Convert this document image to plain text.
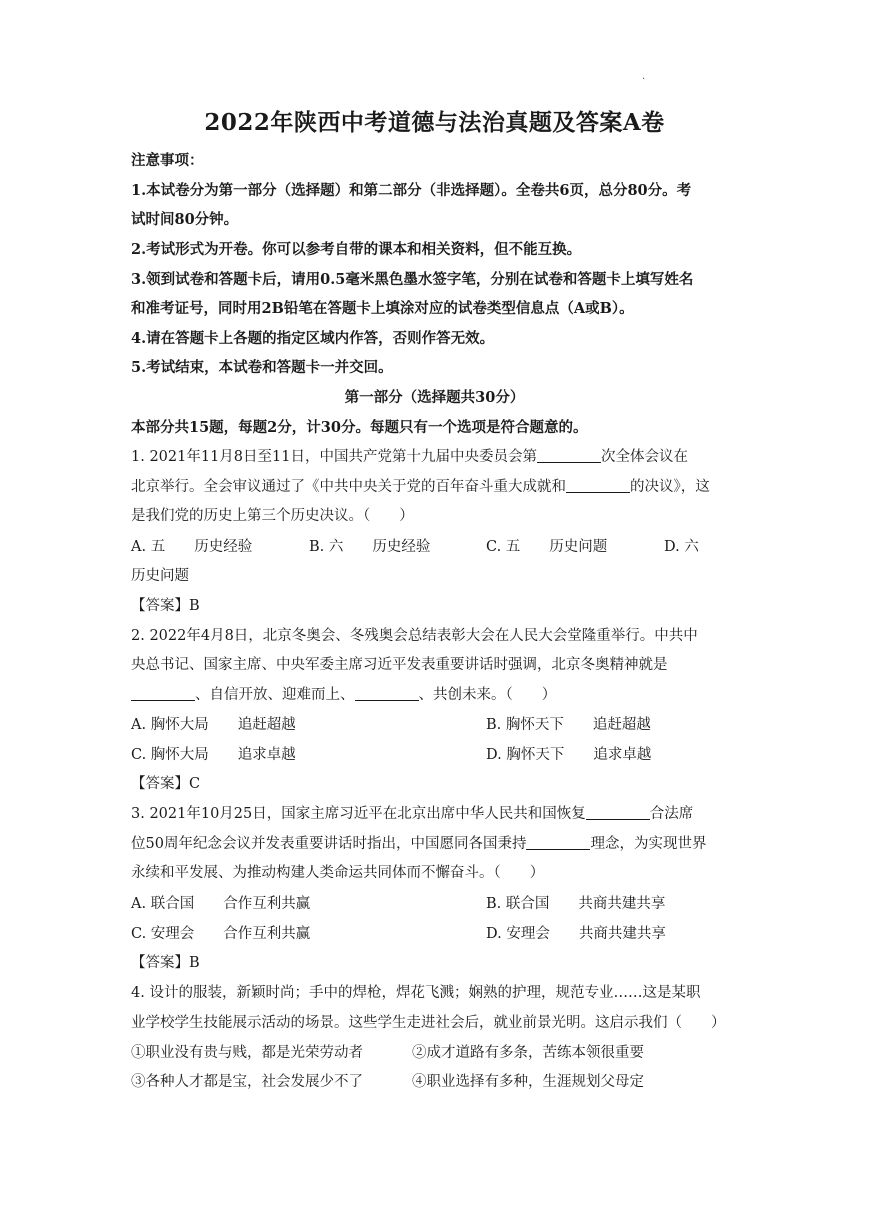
·
2022年陕西中考道德与法治真题及答案A卷
注意事项：
1.本试卷分为第一部分（选择题）和第二部分（非选择题）。全卷共6页，总分80分。考
试时间80分钟。
2.考试形式为开卷。你可以参考自带的课本和相关资料，但不能互换。
3.领到试卷和答题卡后，请用0.5毫米黑色墨水签字笔，分别在试卷和答题卡上填写姓名
和准考证号，同时用2B铅笔在答题卡上填涂对应的试卷类型信息点（A或B）。
4.请在答题卡上各题的指定区域内作答，否则作答无效。
5.考试结束，本试卷和答题卡一并交回。
第一部分（选择题共30分）
本部分共15题，每题2分，计30分。每题只有一个选项是符合题意的。
1. 2021年11月8日至11日，中国共产党第十九届中央委员会第	次全体会议在
北京举行。全会审议通过了《中共中央关于党的百年奋斗重大成就和	的决议》，这
是我们党的历史上第三个历史决议。（　　）
A. 五　　历史经验	B. 六　　历史经验	C. 五　　历史问题	D. 六
历史问题
【答案】B
2. 2022年4月8日，北京冬奥会、冬残奥会总结表彰大会在人民大会堂隆重举行。中共中
央总书记、国家主席、中央军委主席习近平发表重要讲话时强调，北京冬奥精神就是
、自信开放、迎难而上、	、共创未来。（　　）
A. 胸怀大局　　追赶超越	B. 胸怀天下　　追赶超越
C. 胸怀大局　　追求卓越	D. 胸怀天下　　追求卓越
【答案】C
3. 2021年10月25日，国家主席习近平在北京出席中华人民共和国恢复	合法席
位50周年纪念会议并发表重要讲话时指出，中国愿同各国秉持	理念，为实现世界
永续和平发展、为推动构建人类命运共同体而不懈奋斗。（　　）
A. 联合国　　合作互利共赢	B. 联合国　　共商共建共享
C. 安理会　　合作互利共赢	D. 安理会　　共商共建共享
【答案】B
4. 设计的服装，新颖时尚；手中的焊枪，焊花飞溅；娴熟的护理，规范专业……这是某职
业学校学生技能展示活动的场景。这些学生走进社会后，就业前景光明。这启示我们（　　）
①职业没有贵与贱，都是光荣劳动者	②成才道路有多条，苦练本领很重要
③各种人才都是宝，社会发展少不了	④职业选择有多种，生涯规划父母定
